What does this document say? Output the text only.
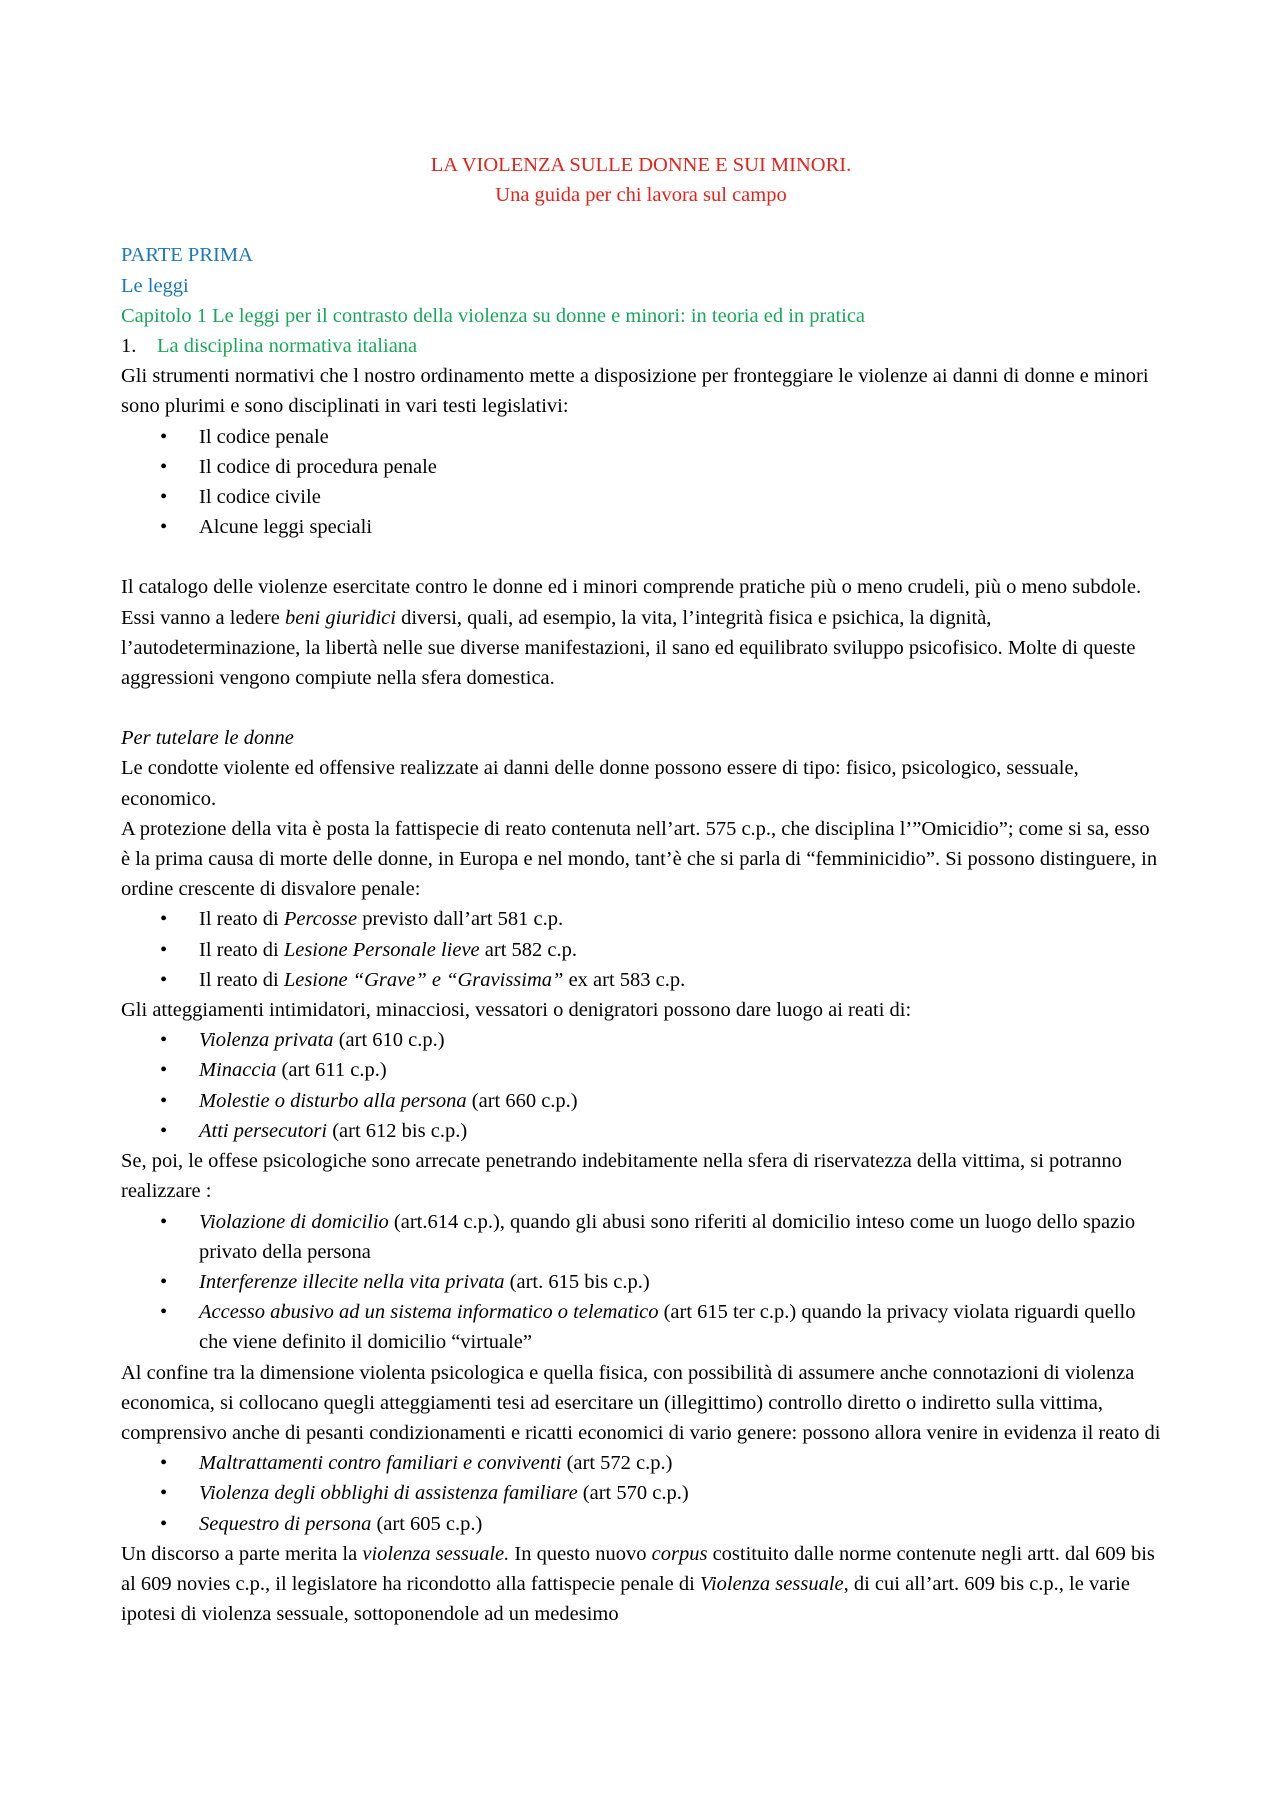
LA VIOLENZA SULLE DONNE E SUI MINORI.
Una guida per chi lavora sul campo

PARTE PRIMA

Le leggi

Capitolo 1 Le leggi per il contrasto della violenza su donne e minori: in teoria ed in pratica

1. La disciplina normativa italiana

Gli strumenti normativi che l nostro ordinamento mette a disposizione per fronteggiare le violenze ai danni di donne e minori sono plurimi e sono disciplinati in vari testi legislativi:

• Il codice penale
• Il codice di procedura penale
• Il codice civile
• Alcune leggi speciali

Il catalogo delle violenze esercitate contro le donne ed i minori comprende pratiche più o meno crudeli, più o meno subdole. Essi vanno a ledere beni giuridici diversi, quali, ad esempio, la vita, l’integrità fisica e psichica, la dignità, l’autodeterminazione, la libertà nelle sue diverse manifestazioni, il sano ed equilibrato sviluppo psicofisico. Molte di queste aggressioni vengono compiute nella sfera domestica.

Per tutelare le donne

Le condotte violente ed offensive realizzate ai danni delle donne possono essere di tipo: fisico, psicologico, sessuale, economico.

A protezione della vita è posta la fattispecie di reato contenuta nell’art. 575 c.p., che disciplina l’”Omicidio”; come si sa, esso è la prima causa di morte delle donne, in Europa e nel mondo, tant’è che si parla di “femminicidio”. Si possono distinguere, in ordine crescente di disvalore penale:

• Il reato di Percosse previsto dall’art 581 c.p.
• Il reato di Lesione Personale lieve art 582 c.p.
• Il reato di Lesione “Grave” e “Gravissima” ex art 583 c.p.

Gli atteggiamenti intimidatori, minacciosi, vessatori o denigratori possono dare luogo ai reati di:

• Violenza privata (art 610 c.p.)
• Minaccia (art 611 c.p.)
• Molestie o disturbo alla persona (art 660 c.p.)
• Atti persecutori (art 612 bis c.p.)

Se, poi, le offese psicologiche sono arrecate penetrando indebitamente nella sfera di riservatezza della vittima, si potranno realizzare :

• Violazione di domicilio (art.614 c.p.), quando gli abusi sono riferiti al domicilio inteso come un luogo dello spazio privato della persona
• Interferenze illecite nella vita privata (art. 615 bis c.p.)
• Accesso abusivo ad un sistema informatico o telematico (art 615 ter c.p.) quando la privacy violata riguardi quello che viene definito il domicilio “virtuale”

Al confine tra la dimensione violenta psicologica e quella fisica, con possibilità di assumere anche connotazioni di violenza economica, si collocano quegli atteggiamenti tesi ad esercitare un (illegittimo) controllo diretto o indiretto sulla vittima, comprensivo anche di pesanti condizionamenti e ricatti economici di vario genere: possono allora venire in evidenza il reato di

• Maltrattamenti contro familiari e conviventi (art 572 c.p.)
• Violenza degli obblighi di assistenza familiare (art 570 c.p.)
• Sequestro di persona (art 605 c.p.)

Un discorso a parte merita la violenza sessuale. In questo nuovo corpus costituito dalle norme contenute negli artt. dal 609 bis al 609 novies c.p., il legislatore ha ricondotto alla fattispecie penale di Violenza sessuale, di cui all’art. 609 bis c.p., le varie ipotesi di violenza sessuale, sottoponendole ad un medesimo
